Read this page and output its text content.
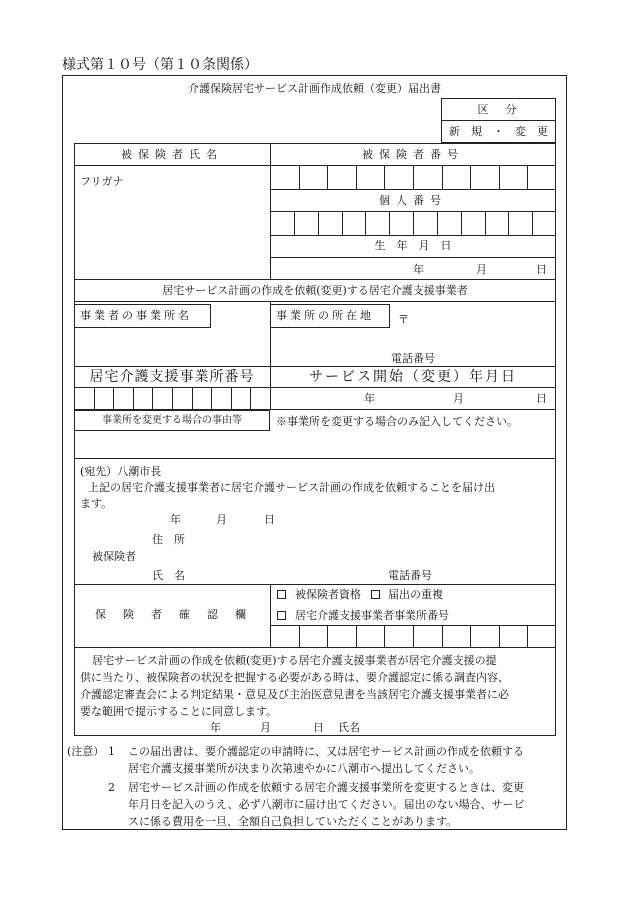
様式第１０号（第１０条関係）
介護保険居宅サービス計画作成依頼（変更）届出書
区　分
新　規　・　変　更
被保険者氏名	被保険者番号
フリガナ
個人番号
生　年　月　日
年	月	日
居宅サービス計画の作成を依頼(変更)する居宅介護支援事業者
事業者の事業所名	事業所の所在地 〒
電話番号
居宅介護支援事業所番号	サービス開始（変更）年月日
年	月	日
事業所を変更する場合の事由等	※事業所を変更する場合のみ記入してください。
(宛先）八潮市長
上記の居宅介護支援事業者に居宅介護サービス計画の作成を依頼することを届け出
ます。
年	月	日
住　所
被保険者
氏　名	電話番号
保　険　者　確　認　欄
被保険者資格 届出の重複
居宅介護支援事業者事業所番号
居宅サービス計画の作成を依頼(変更)する居宅介護支援事業者が居宅介護支援の提
供に当たり、被保険者の状況を把握する必要がある時は、要介護認定に係る調査内容、
介護認定審査会による判定結果・意見及び主治医意見書を当該居宅介護支援事業者に必
要な範囲で提示することに同意します。
年	月	日 氏名
(注意） 1 この届出書は、要介護認定の申請時に、又は居宅サービス計画の作成を依頼する
居宅介護支援事業所が決まり次第速やかに八潮市へ提出してください。
2 居宅サービス計画の作成を依頼する居宅介護支援事業所を変更するときは、変更
年月日を記入のうえ、必ず八潮市に届け出てください。届出のない場合、サービ
スに係る費用を一旦、全額自己負担していただくことがあります。
